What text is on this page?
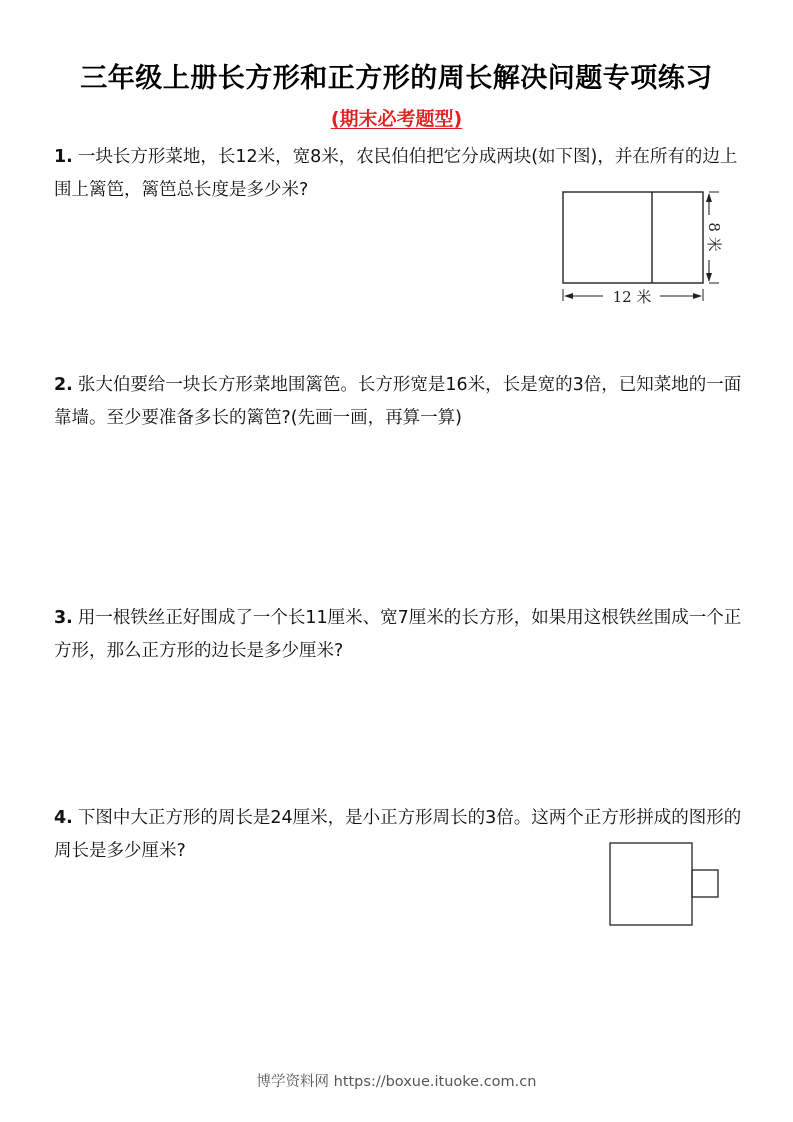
三年级上册长方形和正方形的周长解决问题专项练习
(期末必考题型)
1. 一块长方形菜地，长12米，宽8米，农民伯伯把它分成两块(如下图)，并在所有的边上围上篱笆，篱笆总长度是多少米?
8 米
12 米
2. 张大伯要给一块长方形菜地围篱笆。长方形宽是16米，长是宽的3倍，已知菜地的一面靠墙。至少要准备多长的篱笆?(先画一画，再算一算)
3. 用一根铁丝正好围成了一个长11厘米、宽7厘米的长方形，如果用这根铁丝围成一个正方形，那么正方形的边长是多少厘米?
4. 下图中大正方形的周长是24厘米，是小正方形周长的3倍。这两个正方形拼成的图形的周长是多少厘米?
博学资料网 https://boxue.ituoke.com.cn
